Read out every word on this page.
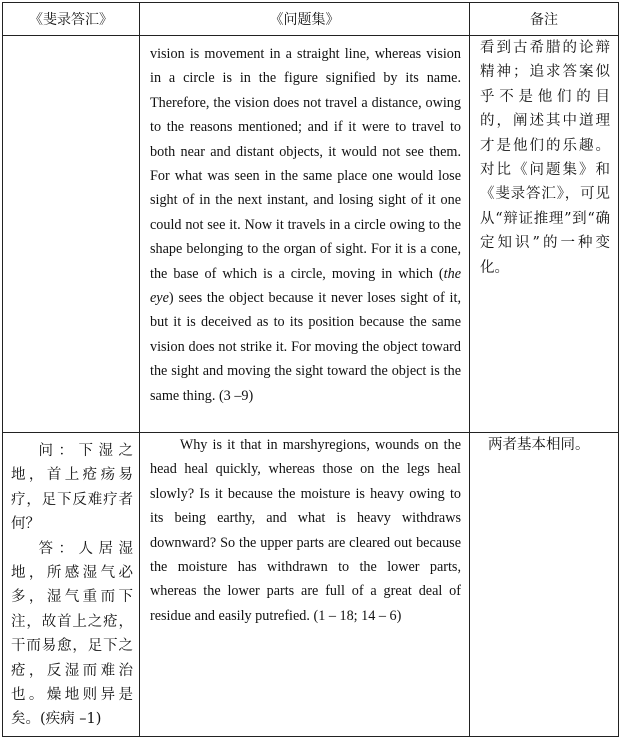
《斐录答汇》	《问题集》	备注
	vision is movement in a straight line, whereas vision in a circle is in the figure signified by its name. Therefore, the vision does not travel a distance, owing to the reasons mentioned; and if it were to travel to both near and distant objects, it would not see them. For what was seen in the same place one would lose sight of in the next instant, and losing sight of it one could not see it. Now it travels in a circle owing to the shape belonging to the organ of sight. For it is a cone, the base of which is a circle, moving in which (the eye) sees the object because it never loses sight of it, but it is deceived as to its position because the same vision does not strike it. For moving the object toward the sight and moving the sight toward the object is the same thing. (3 –9)	看到古希腊的论辩精神；追求答案似乎不是他们的目的，阐述其中道理才是他们的乐趣。对比《问题集》和《斐录答汇》，可见从“辩证推理”到“确定知识”的一种变化。

问：下湿之地，首上疮疡易疗，足下反难疗者何？

答：人居湿地，所感湿气必多，湿气重而下注，故首上之疮，干而易愈，足下之疮，反湿而难治也。燥地则异是矣。(疾病 –1)	Why is it that in marshyregions, wounds on the head heal quickly, whereas those on the legs heal slowly? Is it because the moisture is heavy owing to its being earthy, and what is heavy withdraws downward? So the upper parts are cleared out because the moisture has withdrawn to the lower parts, whereas the lower parts are full of a great deal of residue and easily putrefied. (1 – 18; 14 – 6)	两者基本相同。
